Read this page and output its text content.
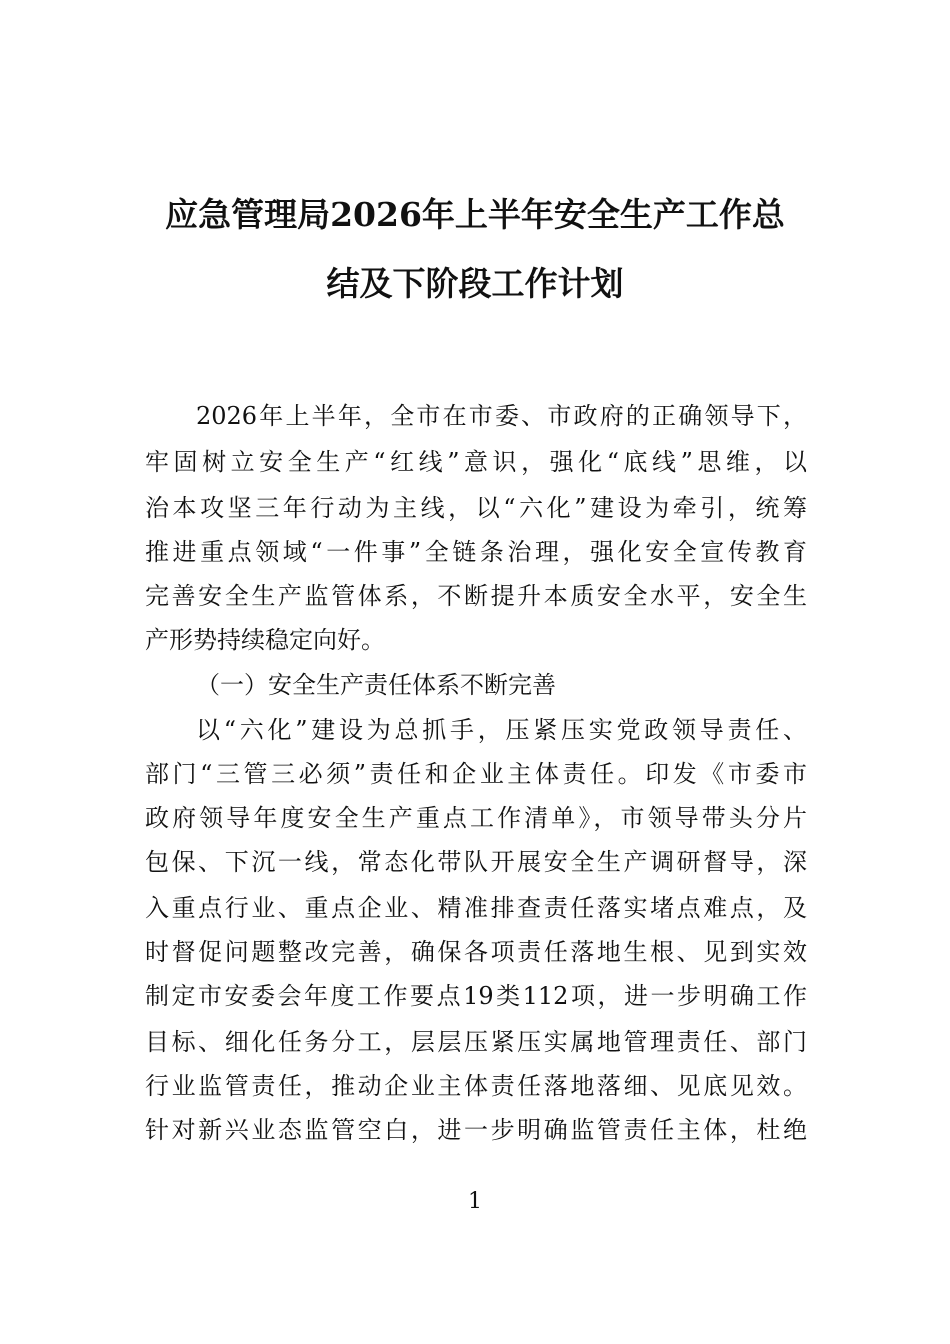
应急管理局2026年上半年安全生产工作总
结及下阶段工作计划
2026年上半年，全市在市委、市政府的正确领导下，
牢固树立安全生产“红线”意识，强化“底线”思维，以
治本攻坚三年行动为主线，以“六化”建设为牵引，统筹
推进重点领域“一件事”全链条治理，强化安全宣传教育
完善安全生产监管体系，不断提升本质安全水平，安全生
产形势持续稳定向好。
（一）安全生产责任体系不断完善
以“六化”建设为总抓手，压紧压实党政领导责任、
部门“三管三必须”责任和企业主体责任。印发《市委市
政府领导年度安全生产重点工作清单》，市领导带头分片
包保、下沉一线，常态化带队开展安全生产调研督导，深
入重点行业、重点企业、精准排查责任落实堵点难点，及
时督促问题整改完善，确保各项责任落地生根、见到实效
制定市安委会年度工作要点19类112项，进一步明确工作
目标、细化任务分工，层层压紧压实属地管理责任、部门
行业监管责任，推动企业主体责任落地落细、见底见效。
针对新兴业态监管空白，进一步明确监管责任主体，杜绝
1
